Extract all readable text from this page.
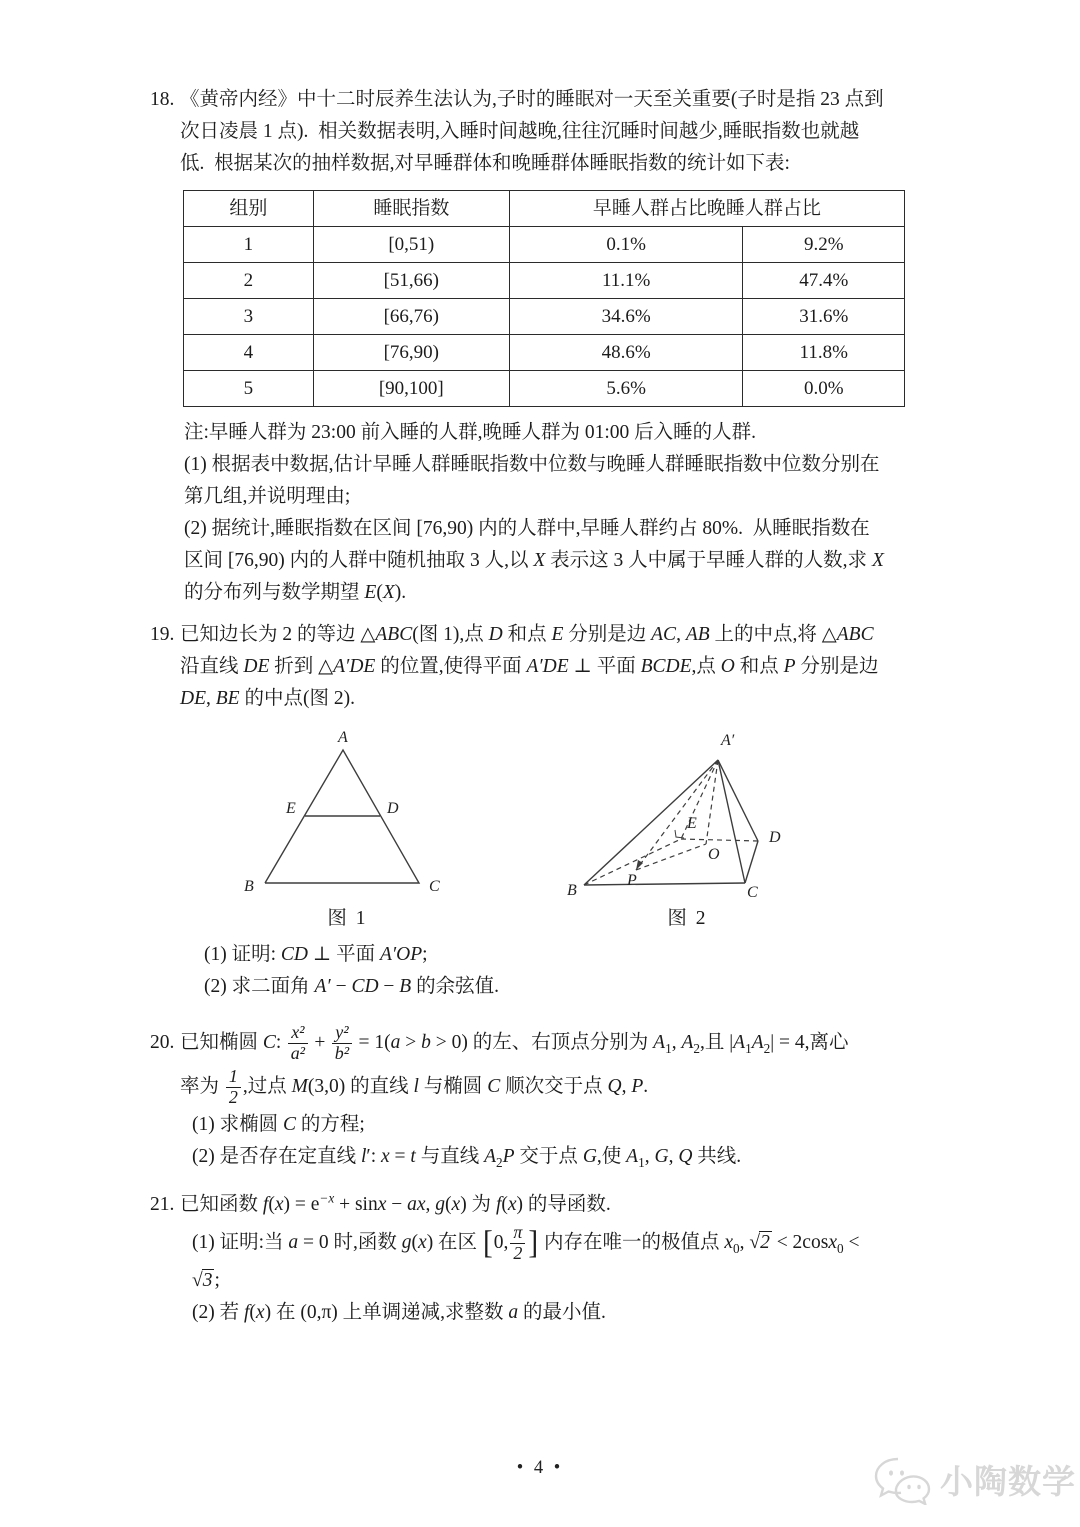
18. 《黄帝内经》中十二时辰养生法认为,子时的睡眠对一天至关重要(子时是指 23 点到
次日凌晨 1 点).  相关数据表明,入睡时间越晚,往往沉睡时间越少,睡眠指数也就越
低.  根据某次的抽样数据,对早睡群体和晚睡群体睡眠指数的统计如下表:
组别	睡眠指数	早睡人群占比晚睡人群占比	
1	[0,51)	0.1%	9.2%
2	[51,66)	11.1%	47.4%
3	[66,76)	34.6%	31.6%
4	[76,90)	48.6%	11.8%
5	[90,100]	5.6%	0.0%
注:早睡人群为 23:00 前入睡的人群,晚睡人群为 01:00 后入睡的人群.
(1) 根据表中数据,估计早睡人群睡眠指数中位数与晚睡人群睡眠指数中位数分别在
第几组,并说明理由;
(2) 据统计,睡眠指数在区间 [76,90) 内的人群中,早睡人群约占 80%.  从睡眠指数在
区间 [76,90) 内的人群中随机抽取 3 人,以 X 表示这 3 人中属于早睡人群的人数,求 X
的分布列与数学期望 E(X).
19. 已知边长为 2 的等边 △ABC(图 1),点 D 和点 E 分别是边 AC, AB 上的中点,将 △ABC
沿直线 DE 折到 △A′DE 的位置,使得平面 A′DE ⊥ 平面 BCDE,点 O 和点 P 分别是边
DE, BE 的中点(图 2).
A
B	C
E	D
图 1
A′
B	C
D
E
O
P
图 2
(1) 证明: CD ⊥ 平面 A′OP;
(2) 求二面角 A′ − CD − B 的余弦值.
20. 已知椭圆 C: $\frac{\text{x²}}{\text{a²}} + \frac{\text{y²}}{\text{b²}} = 1(a > b > 0)$ 的左、右顶点分别为 $A_1$, $A_2$,且 $|A_1A_2| = 4$,离心
率为 $\frac{1}{2}$ ,过点 M(3,0) 的直线 l 与椭圆 C 顺次交于点 Q, P.
(1) 求椭圆 C 的方程;
(2) 是否存在定直线 l′: x = t 与直线 $A_2P$ 交于点 G,使 $A_1$, G, Q 共线.
21. 已知函数 $f(x) = e^{-x} + \sin x$ − ax, g(x) 为 f(x) 的导函数.
(1) 证明:当 a = 0 时,函数 g(x) 在区 [0, $\frac{\pi}{2}$ ] 内存在唯一的极值点 $x_0$, √2 < 2cosx$_0$ <
√3 ;
(2) 若 f(x) 在 (0,π) 上单调递减,求整数 a 的最小值.
• 4 •	小陶数学
